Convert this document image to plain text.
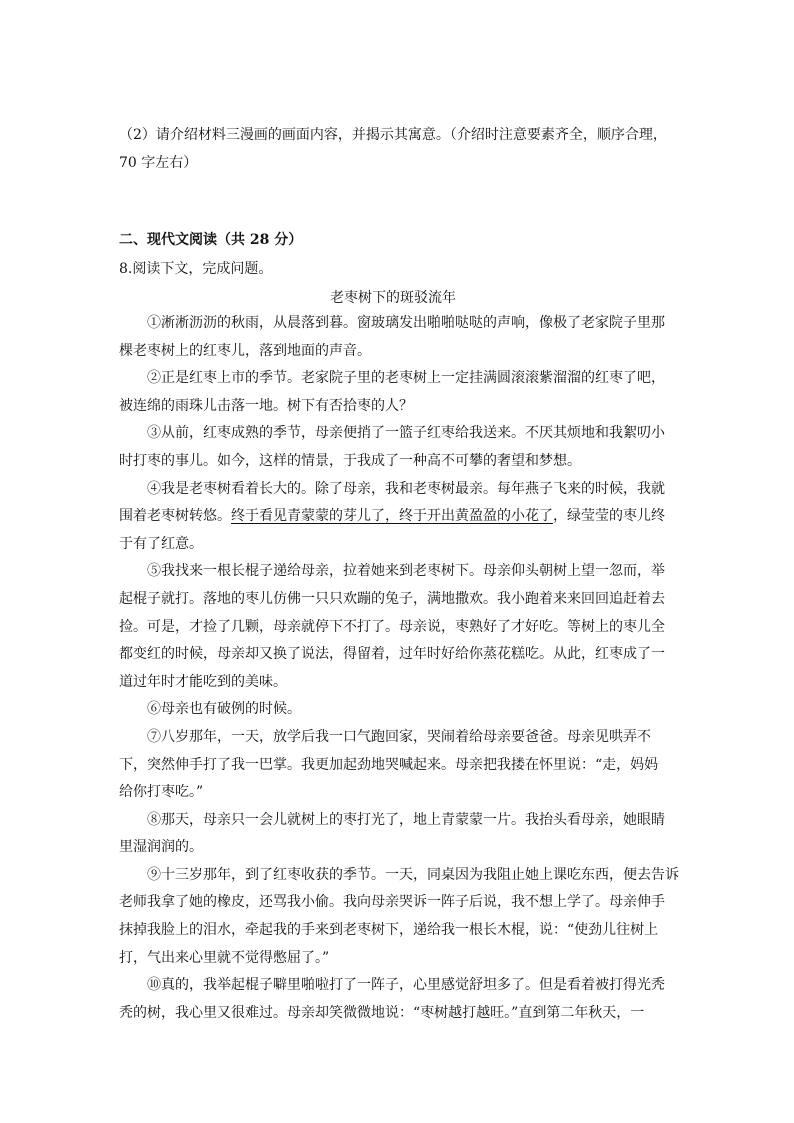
（2）请介绍材料三漫画的画面内容，并揭示其寓意。（介绍时注意要素齐全，顺序合理，
70 字左右）
二、现代文阅读（共 28 分）
8.阅读下文，完成问题。
老枣树下的斑驳流年
①淅淅沥沥的秋雨，从晨落到暮。窗玻璃发出啪啪哒哒的声响，像极了老家院子里那
棵老枣树上的红枣儿，落到地面的声音。
②正是红枣上市的季节。老家院子里的老枣树上一定挂满圆滚滚紫溜溜的红枣了吧，
被连绵的雨珠儿击落一地。树下有否拾枣的人？
③从前，红枣成熟的季节，母亲便捎了一篮子红枣给我送来。不厌其烦地和我絮叨小
时打枣的事儿。如今，这样的情景，于我成了一种高不可攀的奢望和梦想。
④我是老枣树看着长大的。除了母亲，我和老枣树最亲。每年燕子飞来的时候，我就
围着老枣树转悠。终于看见青蒙蒙的芽儿了，终于开出黄盈盈的小花了，绿莹莹的枣儿终
于有了红意。
⑤我找来一根长棍子递给母亲，拉着她来到老枣树下。母亲仰头朝树上望一忽而，举
起棍子就打。落地的枣儿仿佛一只只欢蹦的兔子，满地撒欢。我小跑着来来回回追赶着去
捡。可是，才捡了几颗，母亲就停下不打了。母亲说，枣熟好了才好吃。等树上的枣儿全
都变红的时候，母亲却又换了说法，得留着，过年时好给你蒸花糕吃。从此，红枣成了一
道过年时才能吃到的美味。
⑥母亲也有破例的时候。
⑦八岁那年，一天，放学后我一口气跑回家，哭闹着给母亲要爸爸。母亲见哄弄不
下，突然伸手打了我一巴掌。我更加起劲地哭喊起来。母亲把我搂在怀里说：“走，妈妈
给你打枣吃。”
⑧那天，母亲只一会儿就树上的枣打光了，地上青蒙蒙一片。我抬头看母亲，她眼睛
里湿润润的。
⑨十三岁那年，到了红枣收获的季节。一天，同桌因为我阻止她上课吃东西，便去告诉
老师我拿了她的橡皮，还骂我小偷。我向母亲哭诉一阵子后说，我不想上学了。母亲伸手
抹掉我脸上的泪水，牵起我的手来到老枣树下，递给我一根长木棍，说：“使劲儿往树上
打，气出来心里就不觉得憋屈了。”
⑩真的，我举起棍子噼里啪啦打了一阵子，心里感觉舒坦多了。但是看着被打得光秃
秃的树，我心里又很难过。母亲却笑微微地说：“枣树越打越旺。”直到第二年秋天，一
